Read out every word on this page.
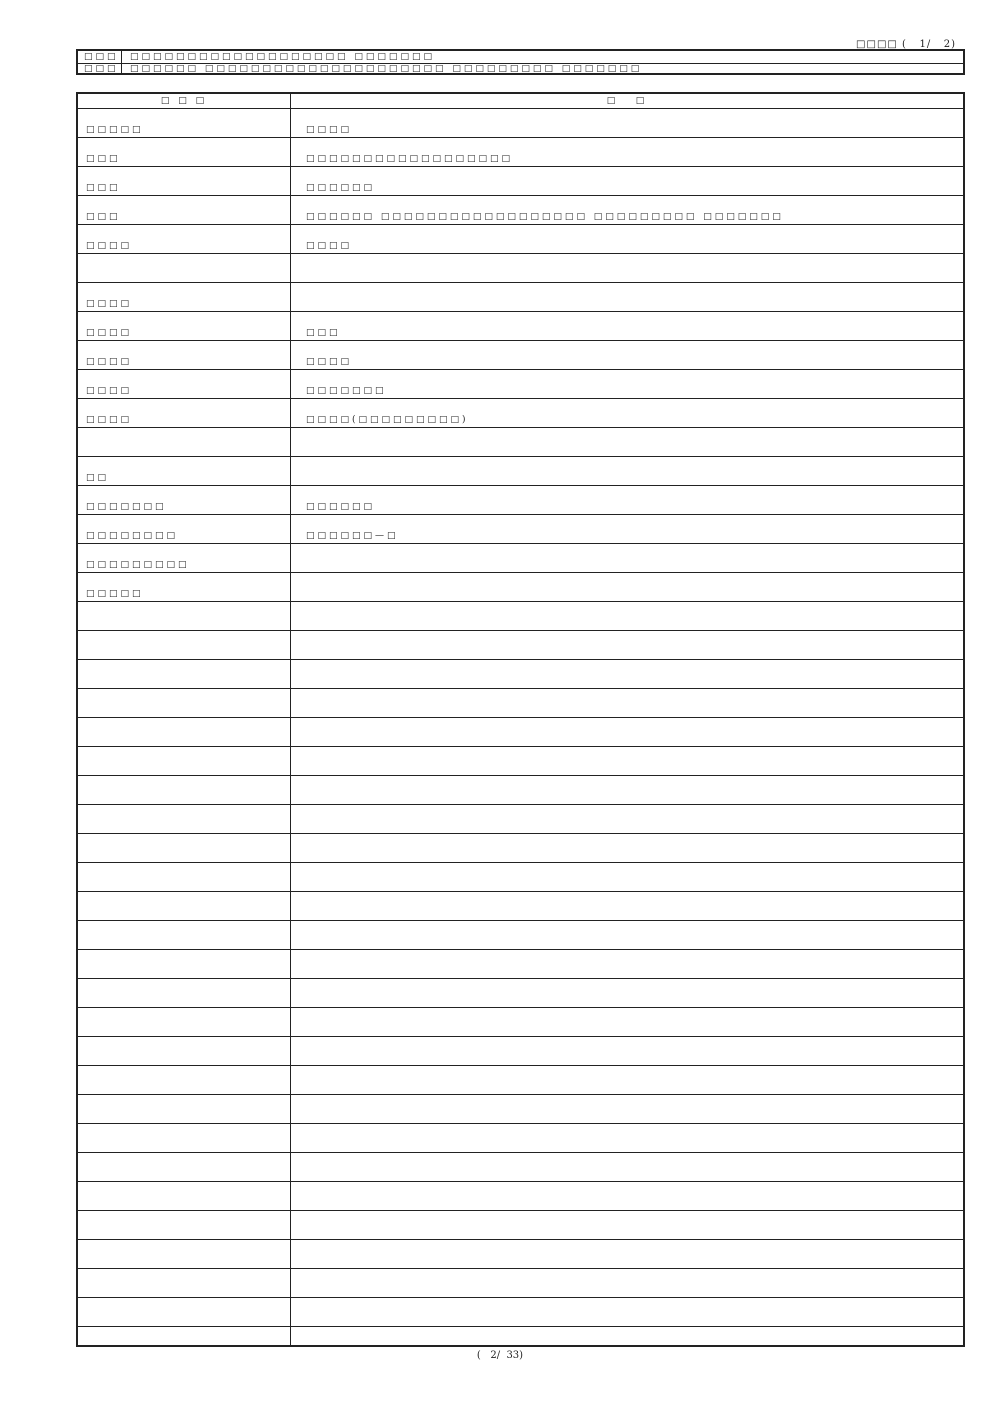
□□□□ (   1/   2)
□□□	□□□□□□□□□□□□□□□□□□□ □□□□□□□
□□□	□□□□□□ □□□□□□□□□□□□□□□□□□□□□ □□□□□□□□□ □□□□□□□
□ □ □	□   □
□□□□□	□□□□
□□□	□□□□□□□□□□□□□□□□□□
□□□	□□□□□□
□□□	□□□□□□ □□□□□□□□□□□□□□□□□□ □□□□□□□□□ □□□□□□□
□□□□	□□□□
□□□□
□□□□	□□□
□□□□	□□□□
□□□□	□□□□□□□
□□□□	□□□□(□□□□□□□□□)
□□
□□□□□□□	□□□□□□
□□□□□□□□	□□□□□□—□
□□□□□□□□□
□□□□□
(   2/  33)
